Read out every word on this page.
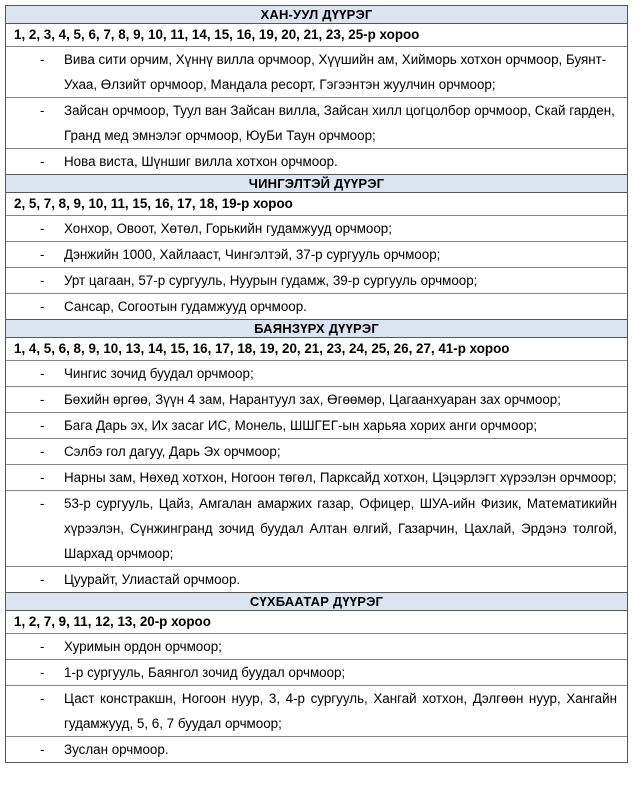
ХАН-УУЛ ДҮҮРЭГ
1, 2, 3, 4, 5, 6, 7, 8, 9, 10, 11, 14, 15, 16, 19, 20, 21, 23, 25-р хороо
-	Вива сити орчим, Хүннү вилла орчмоор, Хүүшийн ам, Хийморь хотхон орчмоор, Буянт-Ухаа, Өлзийт орчмоор, Мандала ресорт, Гэгээнтэн жуулчин орчмоор;
-	Зайсан орчмоор, Туул ван Зайсан вилла, Зайсан хилл цогцолбор орчмоор, Скай гарден, Гранд мед эмнэлэг орчмоор, ЮуБи Таун орчмоор;
-	Нова виста, Шүншиг вилла хотхон орчмоор.
ЧИНГЭЛТЭЙ ДҮҮРЭГ
2, 5, 7, 8, 9, 10, 11, 15, 16, 17, 18, 19-р хороо
-	Хонхор, Овоот, Хөтөл, Горькийн гудамжууд орчмоор;
-	Дэнжийн 1000, Хайлааст, Чингэлтэй, 37-р сургууль орчмоор;
-	Урт цагаан, 57-р сургууль, Нуурын гудамж, 39-р сургууль орчмоор;
-	Сансар, Согоотын гудамжууд орчмоор.
БАЯНЗҮРХ ДҮҮРЭГ
1, 4, 5, 6, 8, 9, 10, 13, 14, 15, 16, 17, 18, 19, 20, 21, 23, 24, 25, 26, 27, 41-р хороо
-	Чингис зочид буудал орчмоор;
-	Бөхийн өргөө, Зүүн 4 зам, Нарантуул зах, Өгөөмөр, Цагаанхуаран зах орчмоор;
-	Бага Дарь эх, Их засаг ИС, Монель, ШШГЕГ-ын харьяа хорих анги орчмоор;
-	Сэлбэ гол дагуу, Дарь Эх орчмоор;
-	Нарны зам, Нөхөд хотхон, Ногоон төгөл, Парксайд хотхон, Цэцэрлэгт хүрээлэн орчмоор;
-	53-р сургууль, Цайз, Амгалан амаржих газар, Офицер, ШУА-ийн Физик, Математикийн хүрээлэн, Сүнжингранд зочид буудал Алтан өлгий, Газарчин, Цахлай, Эрдэнэ толгой, Шархад орчмоор;
-	Цуурайт, Улиастай орчмоор.
СҮХБААТАР ДҮҮРЭГ
1, 2, 7, 9, 11, 12, 13, 20-р хороо
-	Хуримын ордон орчмоор;
-	1-р сургууль, Баянгол зочид буудал орчмоор;
-	Цаст констракшн, Ногоон нуур, 3, 4-р сургууль, Хангай хотхон, Дэлгөөн нуур, Хангайн гудамжууд, 5, 6, 7 буудал орчмоор;
-	Зуслан орчмоор.
